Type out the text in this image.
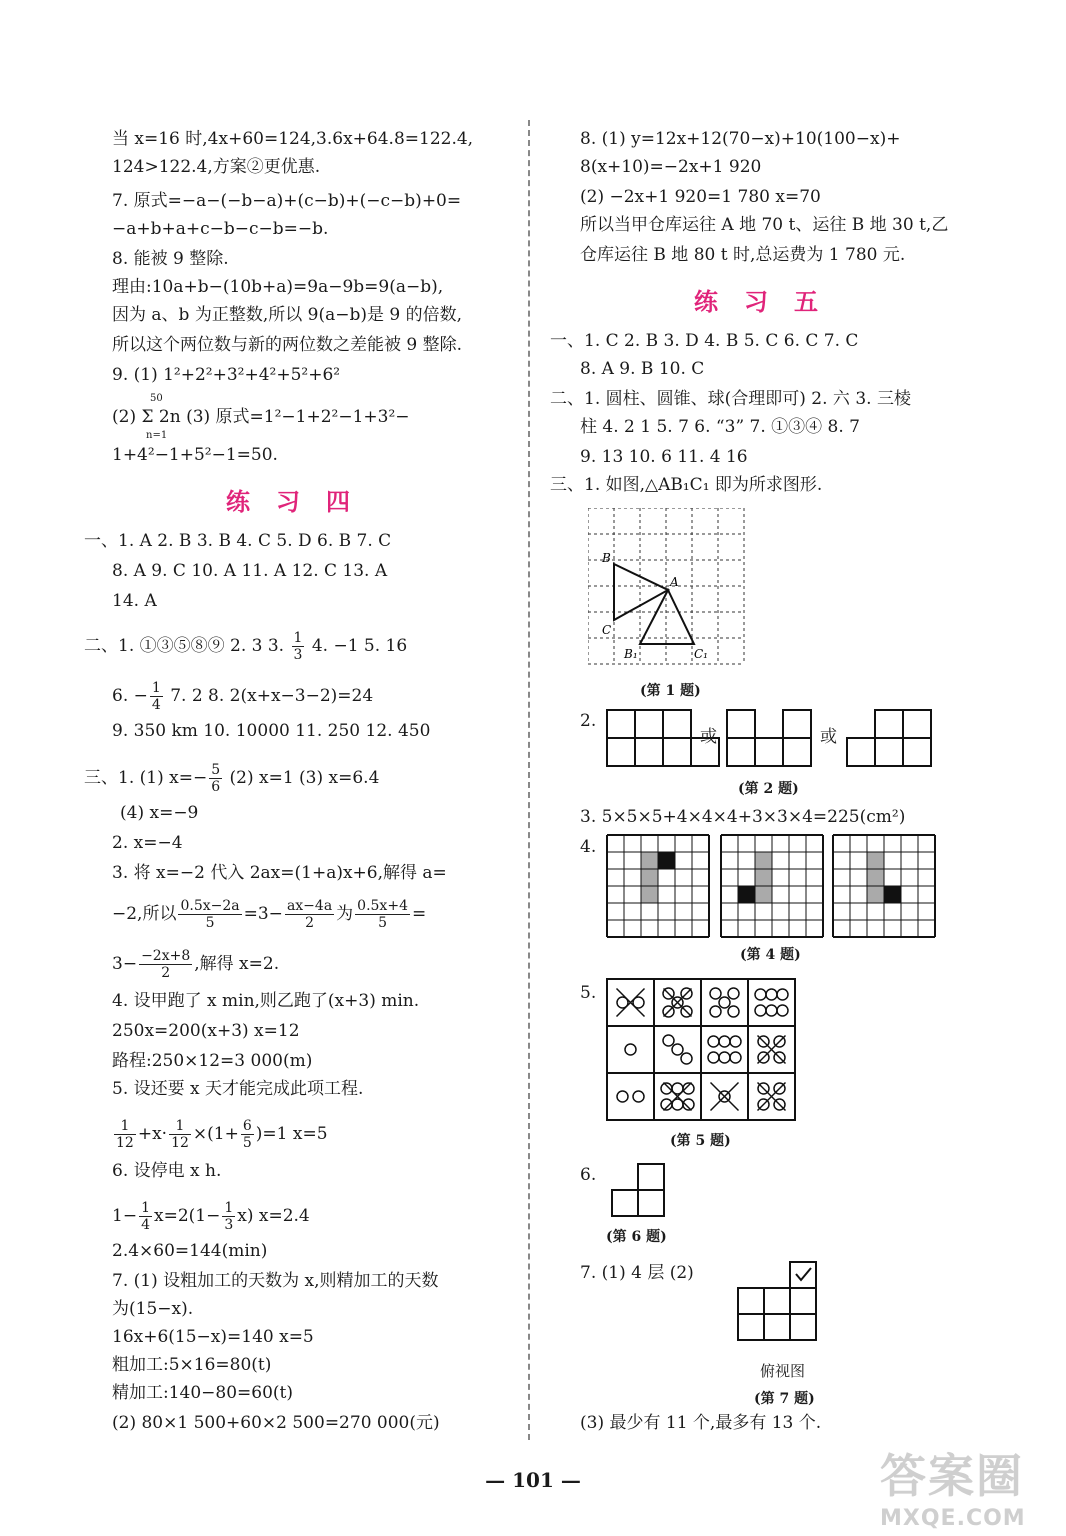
当 x=16 时,4x+60=124,3.6x+64.8=122.4,
124>122.4,方案②更优惠.
7. 原式=−a−(−b−a)+(c−b)+(−c−b)+0=
−a+b+a+c−b−c−b=−b.
8. 能被 9 整除.
理由:10a+b−(10b+a)=9a−9b=9(a−b),
因为 a、b 为正整数,所以 9(a−b)是 9 的倍数,
所以这个两位数与新的两位数之差能被 9 整除.
9. (1) 1²+2²+3²+4²+5²+6²
(2) Σ 2n (3) 原式=1²−1+2²−1+3²−
50
n=1
1+4²−1+5²−1=50.
练习四
一、1. A 2. B 3. B 4. C 5. D 6. B 7. C
8. A 9. C 10. A 11. A 12. C 13. A
14. A
二、1. ①③⑤⑧⑨ 2. 3 3. $\frac{1}{3} 4$. −1 5. 16
6. − $\frac{1}{4} 7$. 2 8. 2(x+x−3−2)=24
9. 350 km 10. 10000 11. 250 12. 450
三、1. (1) $x=- \frac{5}{6} (2)$ x=1 (3) x=6.4
(4) x=−9
2. x=−4
3. 将 x=−2 代入 2ax=(1+a)x+6,解得 a=
−2,所以 $\frac{0.5x-2a}{5} =3- \frac{ax-4a}{2}$ 为 $\frac{0.5x+4}{5}$ =
$3- \frac{-2x+8}{2}$ ,解得 x=2.
4. 设甲跑了 x min,则乙跑了(x+3) min.
250x=200(x+3) x=12
路程:250×12=3 000(m)
5. 设还要 x 天才能完成此项工程.
$\frac{1}{12} +x\cdot \frac{1}{12} \times(1+ \frac{6}{5} )=1$ x=5
6. 设停电 x h.
$1- \frac{1}{4} x=2(1- \frac{1}{3} x)$ x=2.4
2.4×60=144(min)
7. (1) 设粗加工的天数为 x,则精加工的天数
为(15−x).
16x+6(15−x)=140 x=5
粗加工:5×16=80(t)
精加工:140−80=60(t)
(2) 80×1 500+60×2 500=270 000(元)
8. (1) y=12x+12(70−x)+10(100−x)+
8(x+10)=−2x+1 920
(2) −2x+1 920=1 780 x=70
所以当甲仓库运往 A 地 70 t、运往 B 地 30 t,乙
仓库运往 B 地 80 t 时,总运费为 1 780 元.
练习五
一、1. C 2. B 3. D 4. B 5. C 6. C 7. C
8. A 9. B 10. C
二、1. 圆柱、圆锥、球(合理即可) 2. 六 3. 三棱
柱 4. 2 1 5. 7 6. “3” 7. ①③④ 8. 7
9. 13 10. 6 11. 4 16
三、1. 如图,△AB₁C₁ 即为所求图形.
B
A
C
B₁	C₁
(第 1 题)
2.
或	或
(第 2 题)
3. 5×5×5+4×4×4+3×3×4=225(cm²)
4.
(第 4 题)
5.
(第 5 题)
6.
(第 6 题)
7. (1) 4 层 (2)
俯视图
(第 7 题)
(3) 最少有 11 个,最多有 13 个.
— 101 —	答案圈
MXQE.COM
